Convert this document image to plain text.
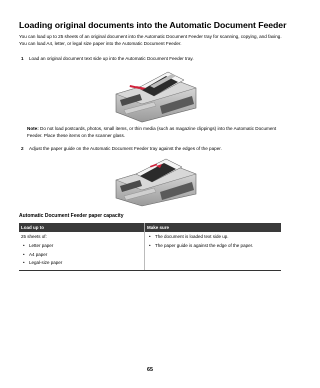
Loading original documents into the Automatic Document Feeder
You can load up to 25 sheets of an original document into the Automatic Document Feeder tray for scanning, copying, and faxing. You can load A4, letter, or legal size paper into the Automatic Document Feeder.
1 Load an original document text side up into the Automatic Document Feeder tray.
Note: Do not load postcards, photos, small items, or thin media (such as magazine clippings) into the Automatic Document Feeder. Place these items on the scanner glass.
2 Adjust the paper guide on the Automatic Document Feeder tray against the edges of the paper.
Automatic Document Feeder paper capacity
Load up to	Make sure
25 sheets of:
• Letter paper
• A4 paper
• Legal-size paper
• The document is loaded text side up.
• The paper guide is against the edge of the paper.
65
